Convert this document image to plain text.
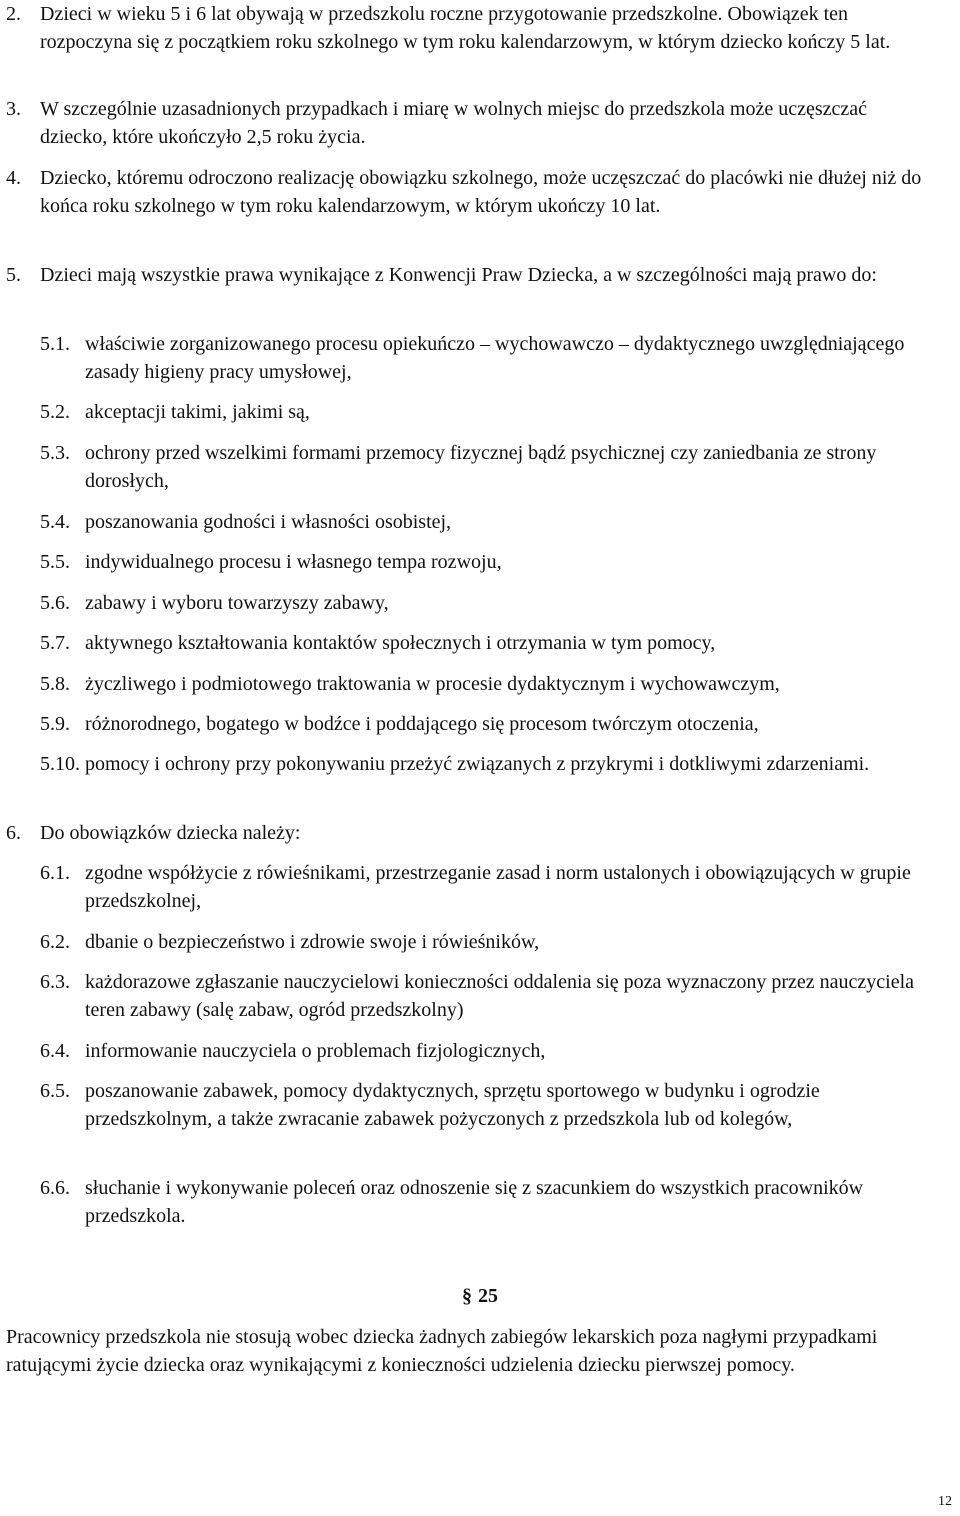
2. Dzieci w wieku 5 i 6 lat obywają w przedszkolu roczne przygotowanie przedszkolne. Obowiązek ten rozpoczyna się z początkiem roku szkolnego w tym roku kalendarzowym, w którym dziecko kończy 5 lat.
3. W szczególnie uzasadnionych przypadkach i miarę w wolnych miejsc do przedszkola może uczęszczać dziecko, które ukończyło 2,5 roku życia.
4. Dziecko, któremu odroczono realizację obowiązku szkolnego, może uczęszczać do placówki nie dłużej niż do końca roku szkolnego w tym roku kalendarzowym, w którym ukończy 10 lat.
5. Dzieci mają wszystkie prawa wynikające z Konwencji Praw Dziecka, a w szczególności mają prawo do:
5.1. właściwie zorganizowanego procesu opiekuńczo – wychowawczo – dydaktycznego uwzględniającego zasady higieny pracy umysłowej,
5.2. akceptacji takimi, jakimi są,
5.3. ochrony przed wszelkimi formami przemocy fizycznej bądź psychicznej czy zaniedbania ze strony dorosłych,
5.4. poszanowania godności i własności osobistej,
5.5. indywidualnego procesu i własnego tempa rozwoju,
5.6. zabawy i wyboru towarzyszy zabawy,
5.7. aktywnego kształtowania kontaktów społecznych i otrzymania w tym pomocy,
5.8. życzliwego i podmiotowego traktowania w procesie dydaktycznym i wychowawczym,
5.9. różnorodnego, bogatego w bodźce i poddającego się procesom twórczym otoczenia,
5.10. pomocy i ochrony przy pokonywaniu przeżyć związanych z przykrymi i dotkliwymi zdarzeniami.
6. Do obowiązków dziecka należy:
6.1. zgodne współżycie z rówieśnikami, przestrzeganie zasad i norm ustalonych i obowiązujących w grupie przedszkolnej,
6.2. dbanie o bezpieczeństwo i zdrowie swoje i rówieśników,
6.3. każdorazowe zgłaszanie nauczycielowi konieczności oddalenia się poza wyznaczony przez nauczyciela teren zabawy (salę zabaw, ogród przedszkolny)
6.4. informowanie nauczyciela o problemach fizjologicznych,
6.5. poszanowanie zabawek, pomocy dydaktycznych, sprzętu sportowego w budynku i ogrodzie przedszkolnym, a także zwracanie zabawek pożyczonych z przedszkola lub od kolegów,
6.6. słuchanie i wykonywanie poleceń oraz odnoszenie się z szacunkiem do wszystkich pracowników przedszkola.
§ 25
Pracownicy przedszkola nie stosują wobec dziecka żadnych zabiegów lekarskich poza nagłymi przypadkami ratującymi życie dziecka oraz wynikającymi z konieczności udzielenia dziecku pierwszej pomocy.
12
